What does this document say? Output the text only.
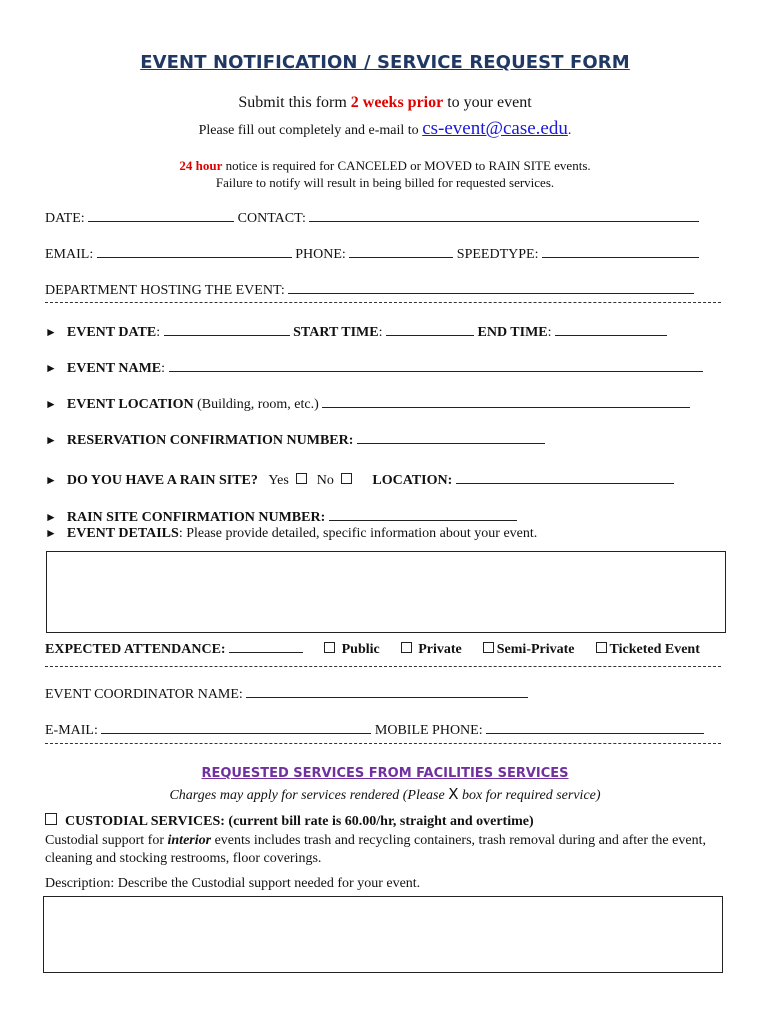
EVENT NOTIFICATION / SERVICE REQUEST FORM
Submit this form 2 weeks prior to your event
Please fill out completely and e-mail to cs-event@case.edu.
24 hour notice is required for CANCELED or MOVED to RAIN SITE events.
Failure to notify will result in being billed for requested services.
DATE:	CONTACT:
EMAIL:	PHONE:	SPEEDTYPE:
DEPARTMENT HOSTING THE EVENT:
► EVENT DATE:	START TIME:	END TIME:
► EVENT NAME:
► EVENT LOCATION (Building, room, etc.)
► RESERVATION CONFIRMATION NUMBER:
► DO YOU HAVE A RAIN SITE? Yes No	LOCATION:
► RAIN SITE CONFIRMATION NUMBER:
► EVENT DETAILS: Please provide detailed, specific information about your event.
EXPECTED ATTENDANCE:	Public	Private	Semi-Private	Ticketed Event
EVENT COORDINATOR NAME:
E-MAIL:	MOBILE PHONE:
REQUESTED SERVICES FROM FACILITIES SERVICES
Charges may apply for services rendered (Please X box for required service)
CUSTODIAL SERVICES: (current bill rate is 60.00/hr, straight and overtime)
Custodial support for interior events includes trash and recycling containers, trash removal during and after the event, cleaning and stocking restrooms, floor coverings.
Description: Describe the Custodial support needed for your event.
